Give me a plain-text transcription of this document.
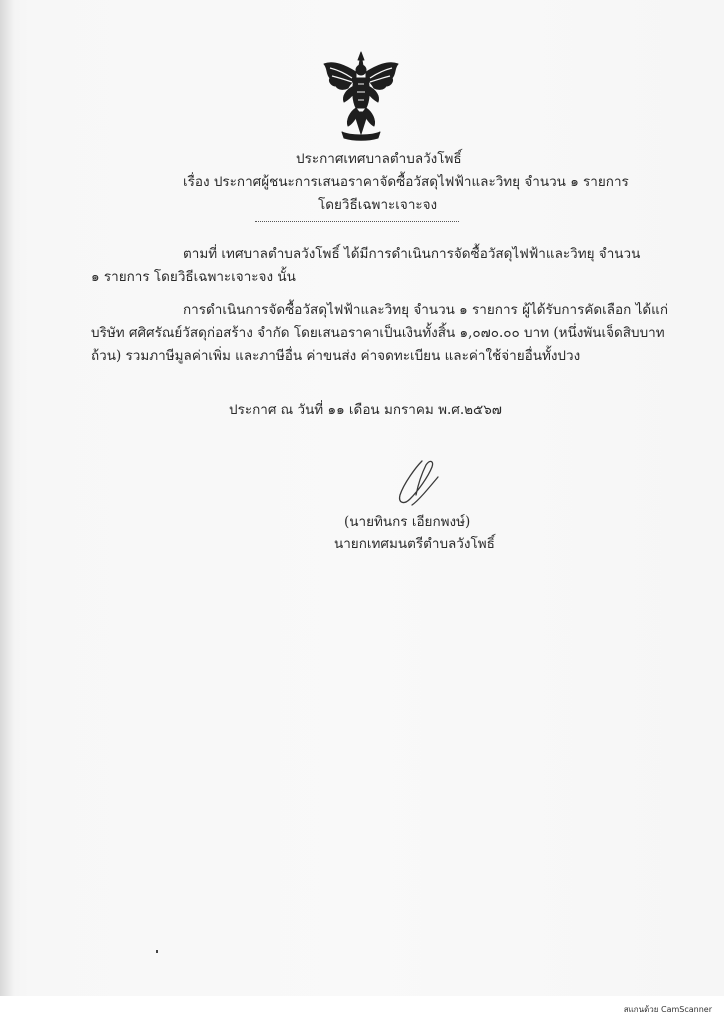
ประกาศเทศบาลตำบลวังโพธิ์
เรื่อง ประกาศผู้ชนะการเสนอราคาจัดซื้อวัสดุไฟฟ้าและวิทยุ จำนวน ๑ รายการ
โดยวิธีเฉพาะเจาะจง
ตามที่ เทศบาลตำบลวังโพธิ์ ได้มีการดำเนินการจัดซื้อวัสดุไฟฟ้าและวิทยุ จำนวน
๑ รายการ โดยวิธีเฉพาะเจาะจง นั้น
การดำเนินการจัดซื้อวัสดุไฟฟ้าและวิทยุ จำนวน ๑ รายการ ผู้ได้รับการคัดเลือก ได้แก่
บริษัท ศศิศรัณย์วัสดุก่อสร้าง จำกัด โดยเสนอราคาเป็นเงินทั้งสิ้น ๑,๐๗๐.๐๐ บาท (หนึ่งพันเจ็ดสิบบาท
ถ้วน) รวมภาษีมูลค่าเพิ่ม และภาษีอื่น ค่าขนส่ง ค่าจดทะเบียน และค่าใช้จ่ายอื่นทั้งปวง
ประกาศ ณ วันที่ ๑๑ เดือน มกราคม พ.ศ.๒๕๖๗
(นายทินกร เอียกพงษ์)
นายกเทศมนตรีตำบลวังโพธิ์
สแกนด้วย CamScanner
